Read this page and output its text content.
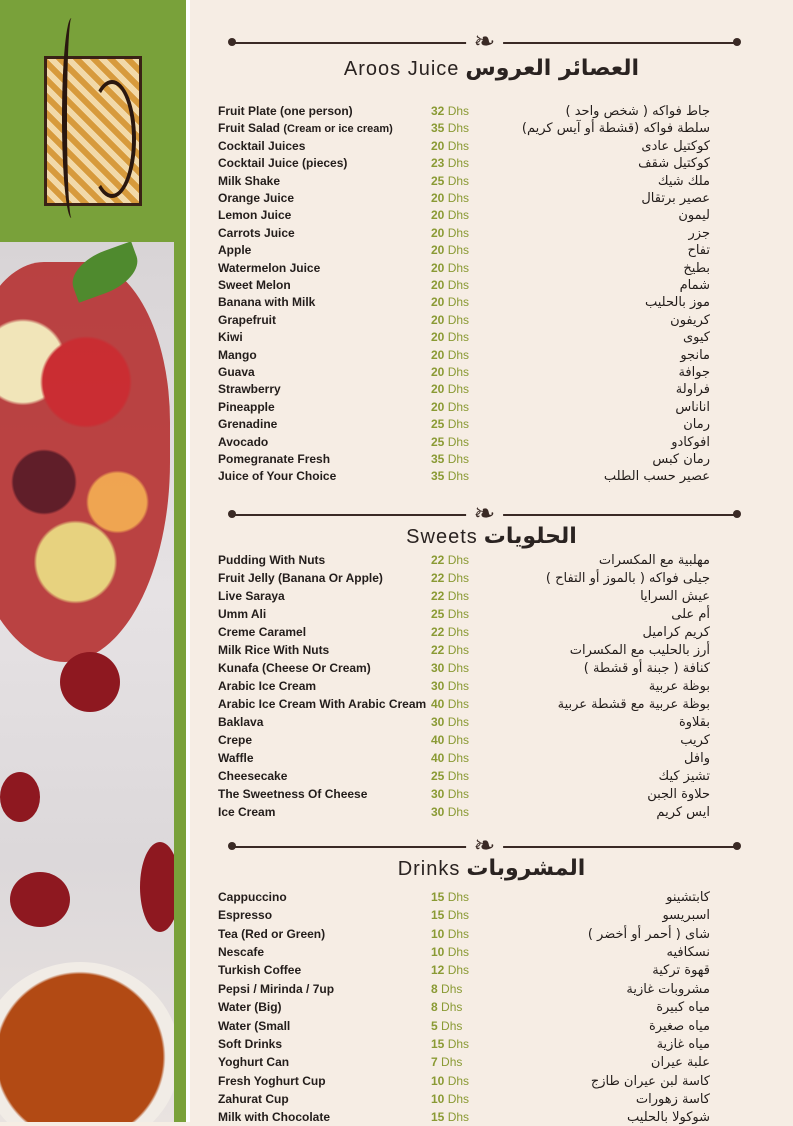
❧
Aroos Juice العصائر العروس
Fruit Plate (one person)	32 Dhs	جاط فواكه ( شخص واحد )
Fruit Salad (Cream or ice cream)	35 Dhs	سلطة فواكه (قشطة أو آيس كريم)
Cocktail Juices	20 Dhs	كوكتيل عادى
Cocktail Juice (pieces)	23 Dhs	كوكتيل شقف
Milk Shake	25 Dhs	ملك شيك
Orange Juice	20 Dhs	عصير برتقال
Lemon Juice	20 Dhs	ليمون
Carrots Juice	20 Dhs	جزر
Apple	20 Dhs	تفاح
Watermelon Juice	20 Dhs	بطيخ
Sweet Melon	20 Dhs	شمام
Banana with Milk	20 Dhs	موز بالحليب
Grapefruit	20 Dhs	كريفون
Kiwi	20 Dhs	كيوى
Mango	20 Dhs	مانجو
Guava	20 Dhs	جوافة
Strawberry	20 Dhs	فراولة
Pineapple	20 Dhs	اناناس
Grenadine	25 Dhs	رمان
Avocado	25 Dhs	افوكادو
Pomegranate Fresh	35 Dhs	رمان كبس
Juice of Your Choice	35 Dhs	عصير حسب الطلب
❧
Sweets الحلويات
Pudding With Nuts	22 Dhs	مهلبية مع المكسرات
Fruit Jelly (Banana Or Apple)	22 Dhs	جيلى فواكه ( بالموز أو التفاح )
Live Saraya	22 Dhs	عيش السرايا
Umm Ali	25 Dhs	أم على
Creme Caramel	22 Dhs	كريم كراميل
Milk Rice With Nuts	22 Dhs	أرز بالحليب مع المكسرات
Kunafa (Cheese Or Cream)	30 Dhs	كنافة ( جبنة أو قشطة )
Arabic Ice Cream	30 Dhs	بوظة عربية
Arabic Ice Cream With Arabic Cream 40 Dhs	بوظة عربية مع قشطة عربية
Baklava	30 Dhs	بقلاوة
Crepe	40 Dhs	كريب
Waffle	40 Dhs	وافل
Cheesecake	25 Dhs	تشيز كيك
The Sweetness Of Cheese	30 Dhs	حلاوة الجبن
Ice Cream	30 Dhs	ايس كريم
❧
Drinks المشروبات
Cappuccino	15 Dhs	كابتشينو
Espresso	15 Dhs	اسبريسو
Tea (Red or Green)	10 Dhs	شاى ( أحمر أو أخضر )
Nescafe	10 Dhs	نسكافيه
Turkish Coffee	12 Dhs	قهوة تركية
Pepsi / Mirinda / 7up	8 Dhs	مشروبات غازية
Water (Big)	8 Dhs	مياه كبيرة
Water (Small	5 Dhs	مياه صغيرة
Soft Drinks	15 Dhs	مياه غازية
Yoghurt Can	7 Dhs	علبة عيران
Fresh Yoghurt Cup	10 Dhs	كاسة لبن عيران طازج
Zahurat Cup	10 Dhs	كاسة زهورات
Milk with Chocolate	15 Dhs	شوكولا بالحليب
